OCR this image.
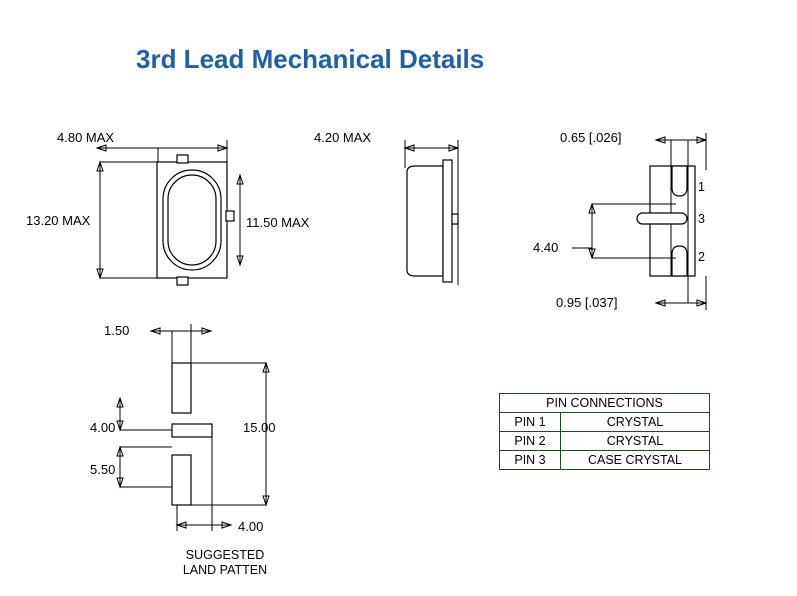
3rd Lead Mechanical Details
4.80 MAX
13.20 MAX	11.50 MAX
4.20 MAX	0.65 [.026]
4.40
0.95 [.037]
1
3
2
1.50
4.00
5.50
15.00
4.00
SUGGESTED
LAND PATTEN
PIN CONNECTIONS	
PIN 1	CRYSTAL
PIN 2	CRYSTAL
PIN 3	CASE CRYSTAL
